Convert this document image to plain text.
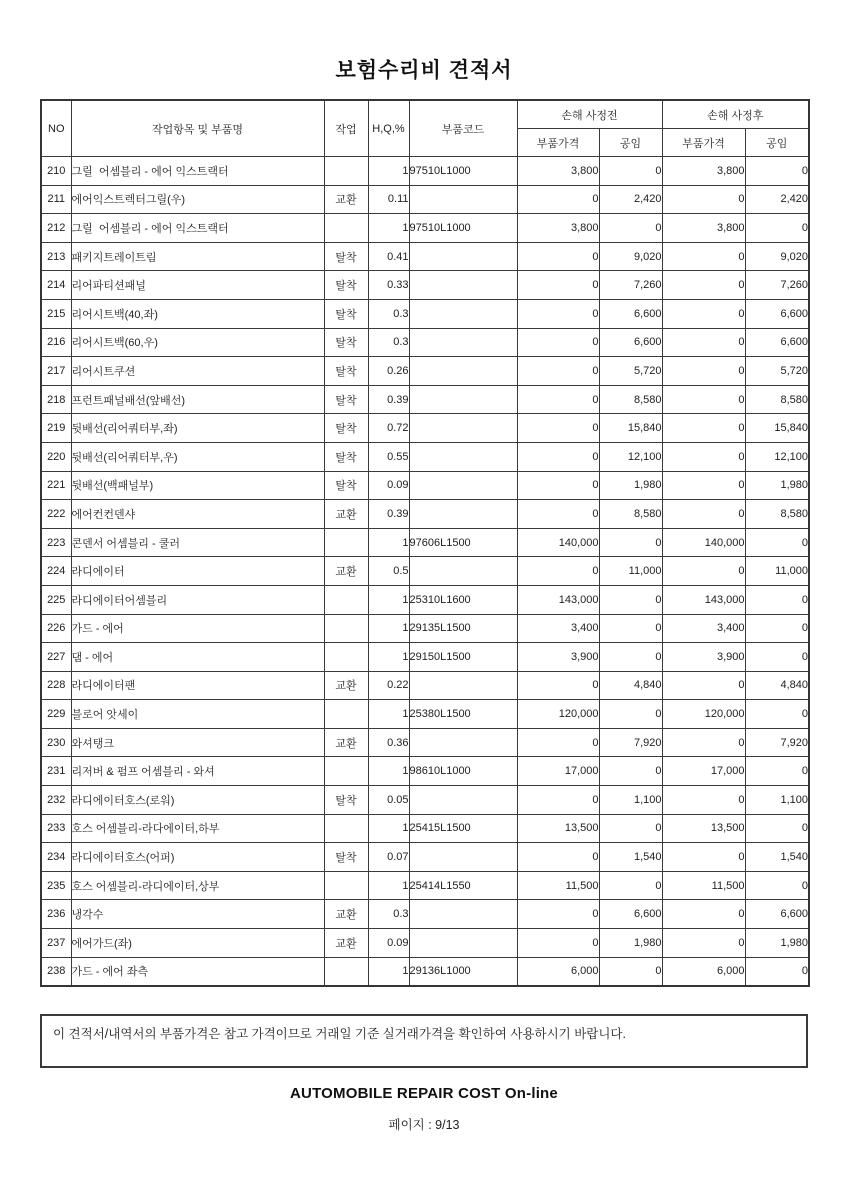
보험수리비 견적서
NO	작업항목 및 부품명	작업	H,Q,%	부품코드	손해 사정전		손해 사정후	
					부품가격	공임	부품가격	공임
210	그릴  어셈블리 - 에어 익스트랙터		1	97510L1000	3,800	0	3,800	0
211	에어익스트렉터그릴(우)	교환	0.11		0	2,420	0	2,420
212	그릴  어셈블리 - 에어 익스트랙터		1	97510L1000	3,800	0	3,800	0
213	패키지트레이트림	탈착	0.41		0	9,020	0	9,020
214	리어파티션패널	탈착	0.33		0	7,260	0	7,260
215	리어시트백(40,좌)	탈착	0.3		0	6,600	0	6,600
216	리어시트백(60,우)	탈착	0.3		0	6,600	0	6,600
217	리어시트쿠션	탈착	0.26		0	5,720	0	5,720
218	프런트패널배선(앞배선)	탈착	0.39		0	8,580	0	8,580
219	뒷배선(리어쿼터부,좌)	탈착	0.72		0	15,840	0	15,840
220	뒷배선(리어쿼터부,우)	탈착	0.55		0	12,100	0	12,100
221	뒷배선(백패널부)	탈착	0.09		0	1,980	0	1,980
222	에어컨컨덴샤	교환	0.39		0	8,580	0	8,580
223	콘덴서 어셈블리 - 쿨러		1	97606L1500	140,000	0	140,000	0
224	라디에이터	교환	0.5		0	11,000	0	11,000
225	라디에이터어셈블리		1	25310L1600	143,000	0	143,000	0
226	가드 - 에어		1	29135L1500	3,400	0	3,400	0
227	댐 - 에어		1	29150L1500	3,900	0	3,900	0
228	라디에이터팬	교환	0.22		0	4,840	0	4,840
229	블로어 앗세이		1	25380L1500	120,000	0	120,000	0
230	와셔탱크	교환	0.36		0	7,920	0	7,920
231	리저버 & 펌프 어셈블리 - 와셔		1	98610L1000	17,000	0	17,000	0
232	라디에이터호스(로워)	탈착	0.05		0	1,100	0	1,100
233	호스 어셈블리-라다에이터,하부		1	25415L1500	13,500	0	13,500	0
234	라디에이터호스(어퍼)	탈착	0.07		0	1,540	0	1,540
235	호스 어셈블리-라디에이터,상부		1	25414L1550	11,500	0	11,500	0
236	냉각수	교환	0.3		0	6,600	0	6,600
237	에어가드(좌)	교환	0.09		0	1,980	0	1,980
238	가드 - 에어 좌측		1	29136L1000	6,000	0	6,000	0
이 견적서/내역서의 부품가격은 참고 가격이므로 거래일 기준 실거래가격을 확인하여 사용하시기 바랍니다.
AUTOMOBILE REPAIR COST On-line
페이지 : 9/13
